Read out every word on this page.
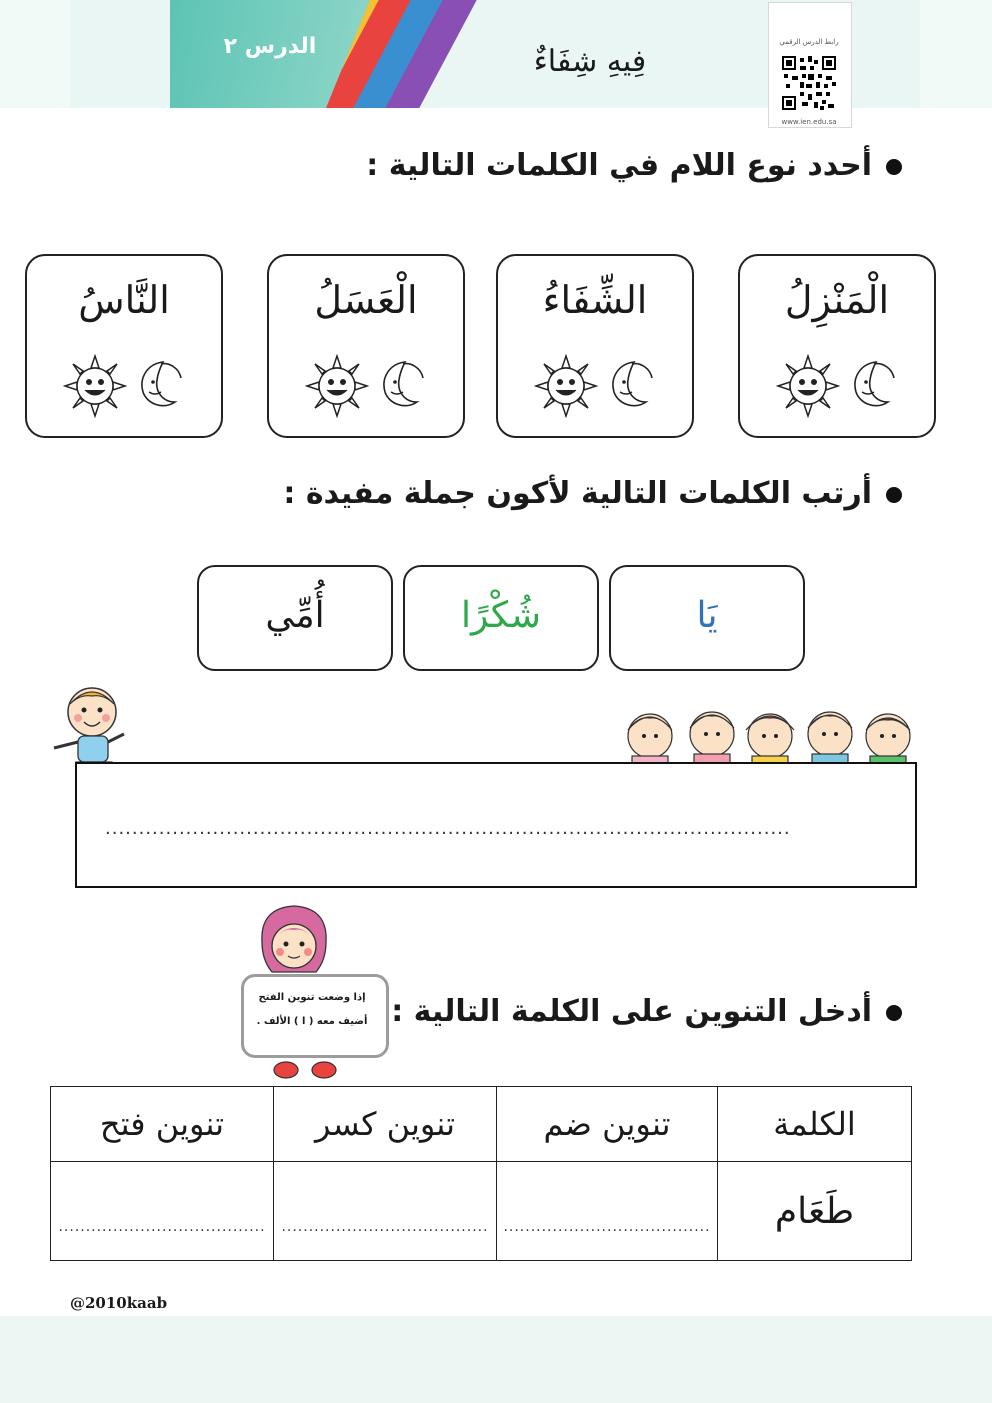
الدرس ٢	فِيهِ شِفَاءٌ
رابط الدرس الرقمي
www.ien.edu.sa
أحدد نوع اللام في الكلمات التالية :
الْمَنْزِلُ
الشِّفَاءُ
الْعَسَلُ
النَّاسُ
أرتب الكلمات التالية لأكون جملة مفيدة :
يَا
شُكْرًا
أُمِّي
......................................................................................................
أدخل التنوين على الكلمة التالية :
إذا وضعت تنوين الفتح
أضيف معه ( ا ) الألف .
تنوين فتح	تنوين كسر	تنوين ضم	الكلمة
......................................	......................................	......................................	طَعَام
@2010kaab
